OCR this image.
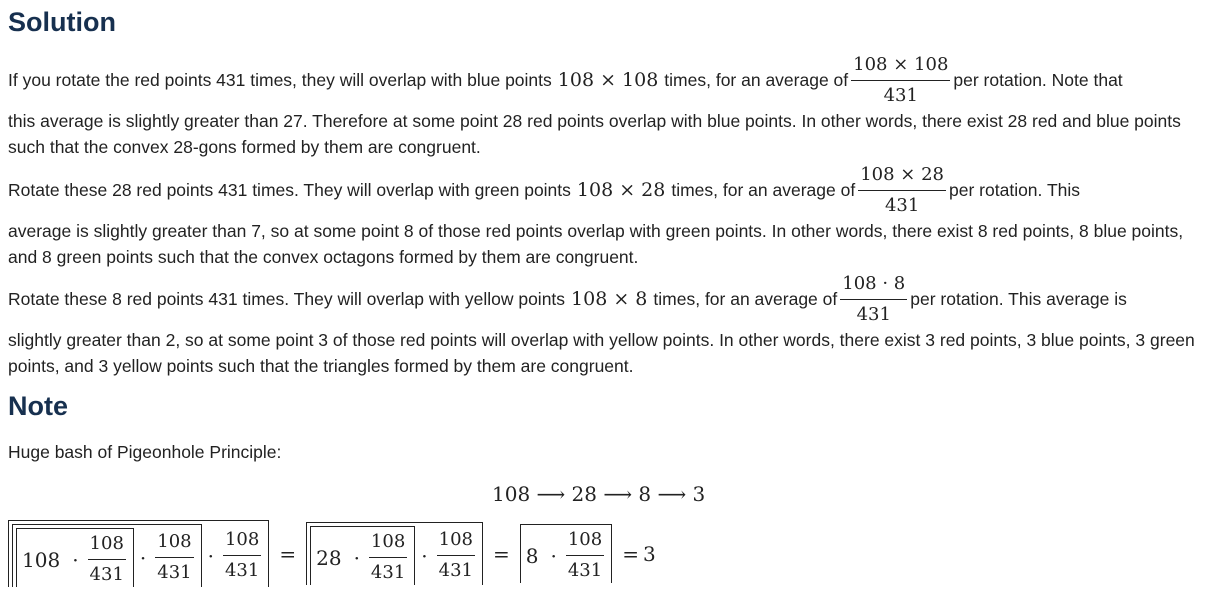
Solution
If you rotate the red points 431 times, they will overlap with blue points 108 × 108 times, for an average of $\frac{108 \times 108}{431}$ per rotation. Note that
this average is slightly greater than 27. Therefore at some point 28 red points overlap with blue points. In other words, there exist 28 red and blue points such that the convex 28-gons formed by them are congruent.
Rotate these 28 red points 431 times. They will overlap with green points 108 × 28 times, for an average of $\frac{108 \times 28}{431}$ per rotation. This
average is slightly greater than 7, so at some point 8 of those red points overlap with green points. In other words, there exist 8 red points, 8 blue points, and 8 green points such that the convex octagons formed by them are congruent.
Rotate these 8 red points 431 times. They will overlap with yellow points 108 × 8 times, for an average of $\frac{108 \cdot 8}{431}$ per rotation. This average is
slightly greater than 2, so at some point 3 of those red points will overlap with yellow points. In other words, there exist 3 red points, 3 blue points, 3 green points, and 3 yellow points such that the triangles formed by them are congruent.
Note
Huge bash of Pigeonhole Principle:
108 ⟶ 28 ⟶ 8 ⟶ 3
$108 \cdot \frac{108}{431} \cdot \frac{108}{431} \cdot \frac{108}{431} = 28 \cdot \frac{108}{431} \cdot \frac{108}{431} = 8 \cdot \frac{108}{431} = 3$
